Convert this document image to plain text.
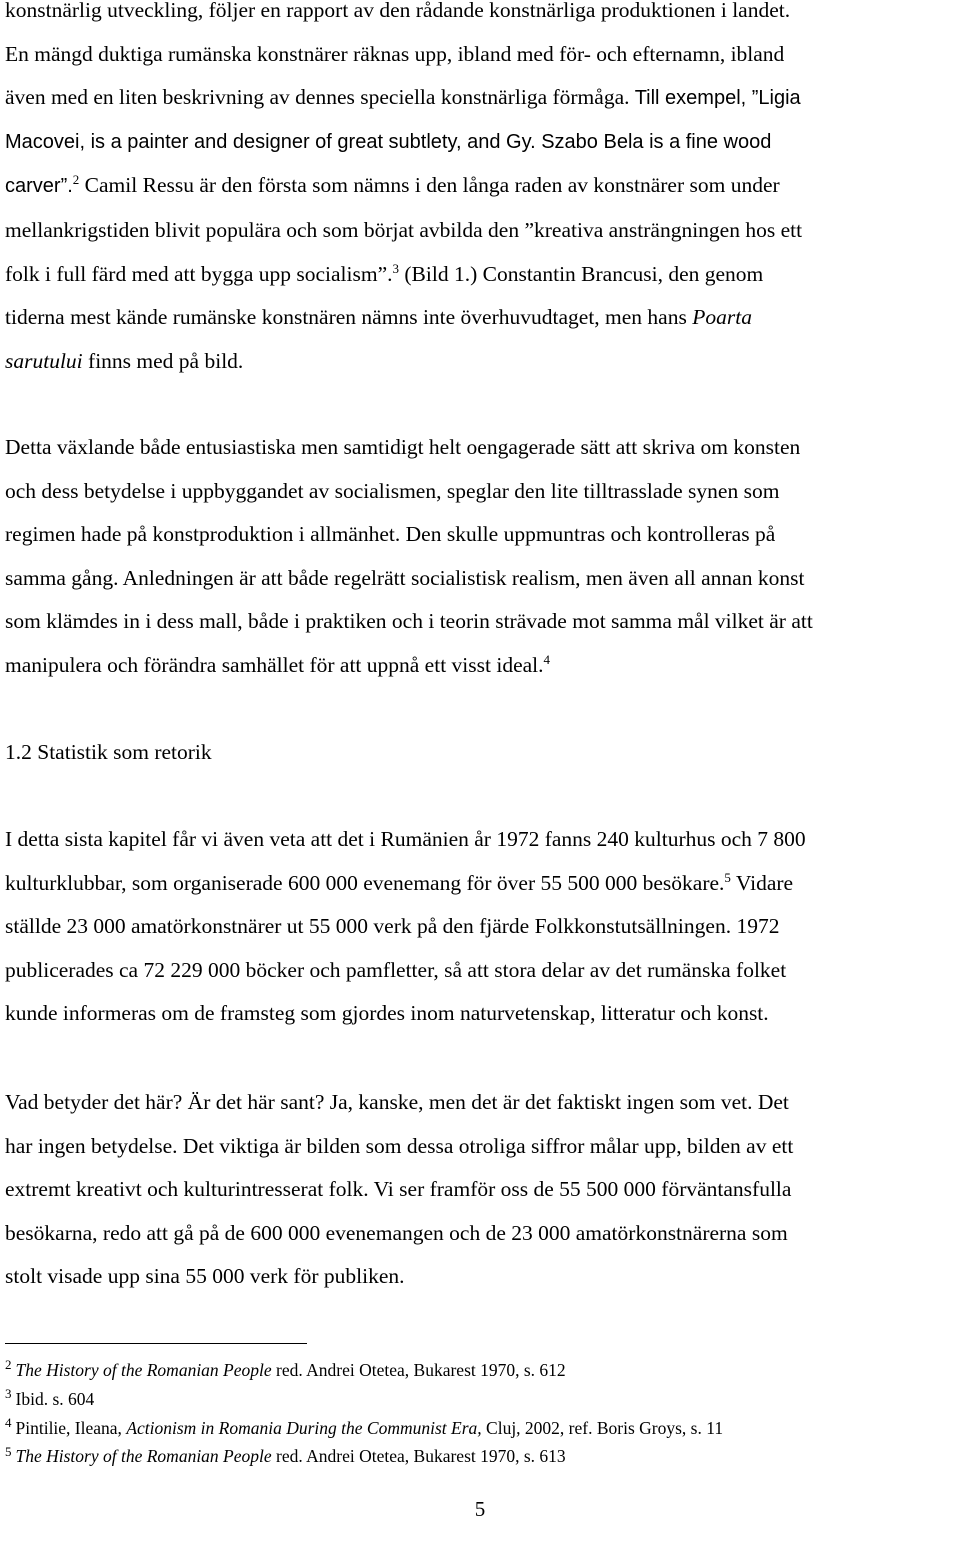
konstnärlig utveckling, följer en rapport av den rådande konstnärliga produktionen i landet.
En mängd duktiga rumänska konstnärer räknas upp, ibland med för- och efternamn, ibland
även med en liten beskrivning av dennes speciella konstnärliga förmåga. Till exempel, ”Ligia
Macovei, is a painter and designer of great subtlety, and Gy. Szabo Bela is a fine wood
carver”.$^2$ Camil Ressu är den första som nämns i den långa raden av konstnärer som under
mellankrigstiden blivit populära och som börjat avbilda den ”kreativa ansträngningen hos ett
folk i full färd med att bygga upp socialism”.$^3$ (Bild 1.) Constantin Brancusi, den genom
tiderna mest kände rumänske konstnären nämns inte överhuvudtaget, men hans Poarta
sarutului finns med på bild.

Detta växlande både entusiastiska men samtidigt helt oengagerade sätt att skriva om konsten
och dess betydelse i uppbyggandet av socialismen, speglar den lite tilltrasslade synen som
regimen hade på konstproduktion i allmänhet. Den skulle uppmuntras och kontrolleras på
samma gång. Anledningen är att både regelrätt socialistisk realism, men även all annan konst
som klämdes in i dess mall, både i praktiken och i teorin strävade mot samma mål vilket är att
manipulera och förändra samhället för att uppnå ett visst ideal.$^4$

1.2 Statistik som retorik

I detta sista kapitel får vi även veta att det i Rumänien år 1972 fanns 240 kulturhus och 7 800
kulturklubbar, som organiserade 600 000 evenemang för över 55 500 000 besökare.$^5$ Vidare
ställde 23 000 amatörkonstnärer ut 55 000 verk på den fjärde Folkkonstutsällningen. 1972
publicerades ca 72 229 000 böcker och pamfletter, så att stora delar av det rumänska folket
kunde informeras om de framsteg som gjordes inom naturvetenskap, litteratur och konst.

Vad betyder det här? Är det här sant? Ja, kanske, men det är det faktiskt ingen som vet. Det
har ingen betydelse. Det viktiga är bilden som dessa otroliga siffror målar upp, bilden av ett
extremt kreativt och kulturintresserat folk. Vi ser framför oss de 55 500 000 förväntansfulla
besökarna, redo att gå på de 600 000 evenemangen och de 23 000 amatörkonstnärerna som
stolt visade upp sina 55 000 verk för publiken.

$^2$ The History of the Romanian People red. Andrei Otetea, Bukarest 1970, s. 612
$^3$ Ibid. s. 604
$^4$ Pintilie, Ileana, Actionism in Romania During the Communist Era, Cluj, 2002, ref. Boris Groys, s. 11
$^5$ The History of the Romanian People red. Andrei Otetea, Bukarest 1970, s. 613
5
